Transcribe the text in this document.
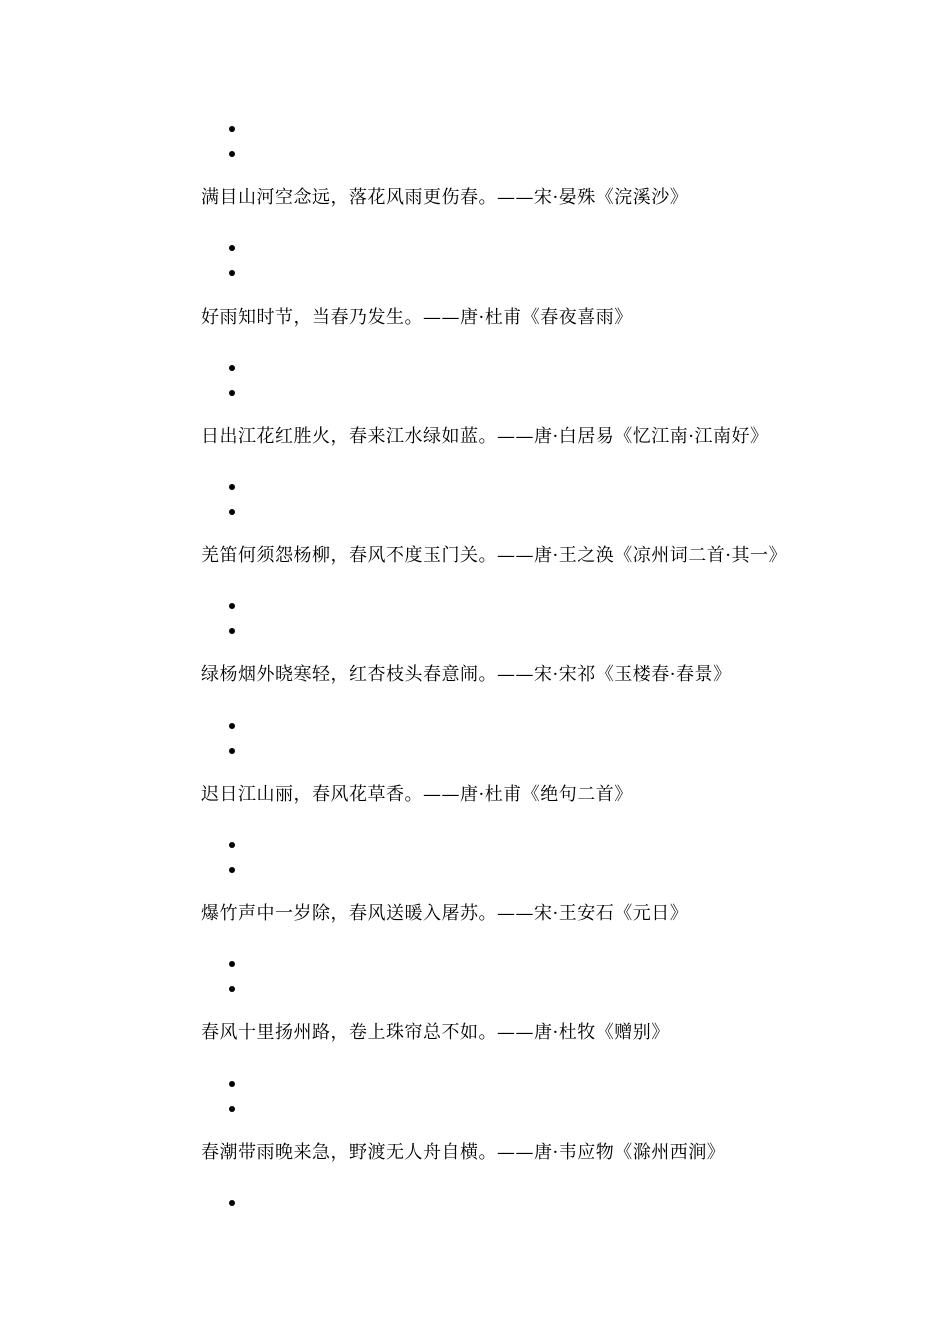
满目山河空念远，落花风雨更伤春。——宋·晏殊《浣溪沙》
好雨知时节，当春乃发生。——唐·杜甫《春夜喜雨》
日出江花红胜火，春来江水绿如蓝。——唐·白居易《忆江南·江南好》
羌笛何须怨杨柳，春风不度玉门关。——唐·王之涣《凉州词二首·其一》
绿杨烟外晓寒轻，红杏枝头春意闹。——宋·宋祁《玉楼春·春景》
迟日江山丽，春风花草香。——唐·杜甫《绝句二首》
爆竹声中一岁除，春风送暖入屠苏。——宋·王安石《元日》
春风十里扬州路，卷上珠帘总不如。——唐·杜牧《赠别》
春潮带雨晚来急，野渡无人舟自横。——唐·韦应物《滁州西涧》
